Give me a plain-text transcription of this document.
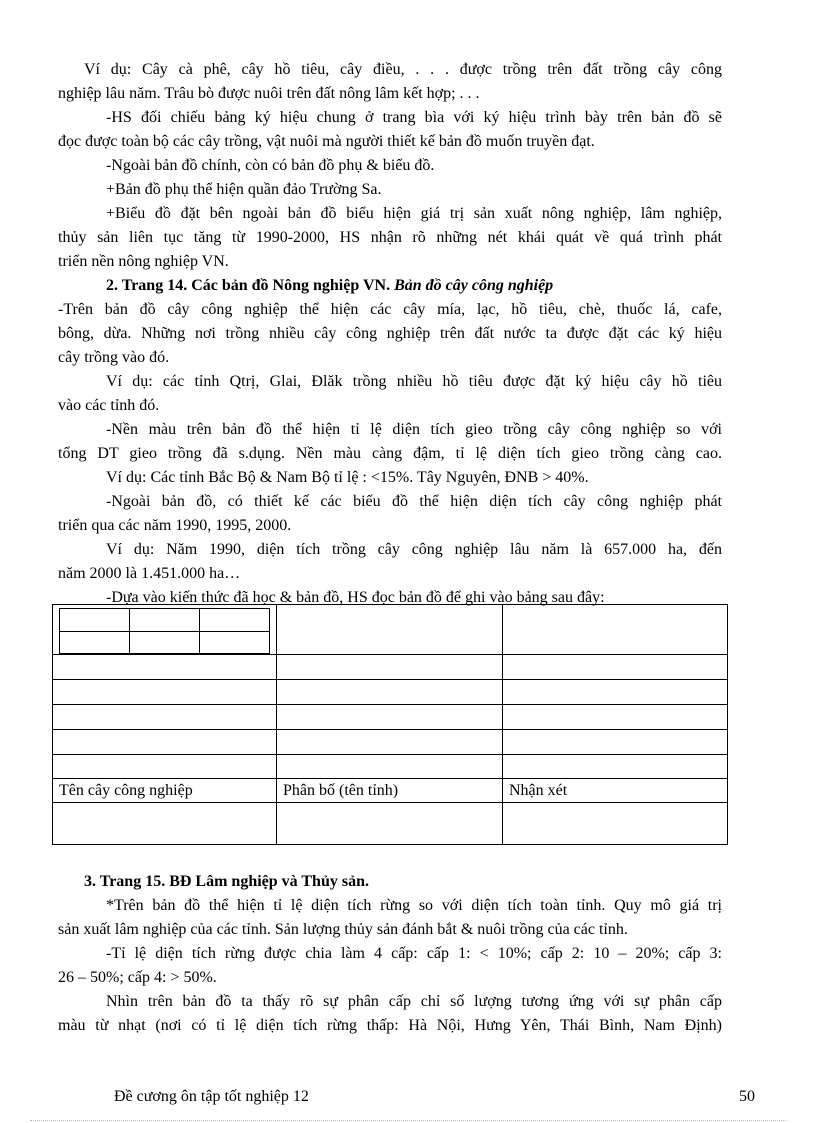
Ví dụ: Cây cà phê, cây hồ tiêu, cây điều, . . . được trồng trên đất trồng cây công
nghiệp lâu năm. Trâu bò được nuôi trên đất nông lâm kết hợp; . . .
-HS đối chiếu bảng ký hiệu chung ở trang bìa với ký hiệu trình bày trên bản đồ sẽ
đọc được toàn bộ các cây trồng, vật nuôi mà người thiết kế bản đồ muốn truyền đạt.
-Ngoài bản đồ chính, còn có bản đồ phụ & biểu đồ.
+Bản đồ phụ thể hiện quần đảo Trường Sa.
+Biểu đồ đặt bên ngoài bản đồ biểu hiện giá trị sản xuất nông nghiệp, lâm nghiệp,
thủy sản liên tục tăng từ 1990-2000, HS nhận rõ những nét khái quát về quá trình phát
triển nền nông nghiệp VN.
2. Trang 14. Các bản đồ Nông nghiệp VN. Bản đồ cây công nghiệp
-Trên bản đồ cây công nghiệp thể hiện các cây mía, lạc, hồ tiêu, chè, thuốc lá, cafe,
bông, dừa. Những nơi trồng nhiều cây công nghiệp trên đất nước ta được đặt các ký hiệu
cây trồng vào đó.
Ví dụ: các tỉnh Qtrị, Glai, Đlăk trồng nhiều hồ tiêu được đặt ký hiệu cây hồ tiêu
vào các tỉnh đó.
-Nền màu trên bản đồ thể hiện tỉ lệ diện tích gieo trồng cây công nghiệp so với
tổng DT gieo trồng đã s.dụng. Nền màu càng đậm, tỉ lệ diện tích gieo trồng càng cao.
Ví dụ: Các tỉnh Bắc Bộ & Nam Bộ tỉ lệ : <15%. Tây Nguyên, ĐNB > 40%.
-Ngoài bản đồ, có thiết kế các biểu đồ thể hiện diện tích cây công nghiệp phát
triển qua các năm 1990, 1995, 2000.
Ví dụ: Năm 1990, diện tích trồng cây công nghiệp lâu năm là 657.000 ha, đến
năm 2000 là 1.451.000 ha…
-Dựa vào kiến thức đã học & bản đồ, HS đọc bản đồ để ghi vào bảng sau đây:
3. Trang 15. BĐ Lâm nghiệp và Thủy sản.
*Trên bản đồ thể hiện tỉ lệ diện tích rừng so với diện tích toàn tỉnh. Quy mô giá trị
sản xuất lâm nghiệp của các tỉnh. Sản lượng thủy sản đánh bắt & nuôi trồng của các tỉnh.
-Tỉ lệ diện tích rừng được chia làm 4 cấp: cấp 1: < 10%; cấp 2: 10 – 20%; cấp 3:
26 – 50%; cấp 4: > 50%.
Nhìn trên bản đồ ta thấy rõ sự phân cấp chỉ số lượng tương ứng với sự phân cấp
màu từ nhạt (nơi có tỉ lệ diện tích rừng thấp: Hà Nội, Hưng Yên, Thái Bình, Nam Định)

Tên cây công nghiệp	Phân bố (tên tỉnh)	Nhận xét

Đề cương ôn tập tốt nghiệp 12	50
